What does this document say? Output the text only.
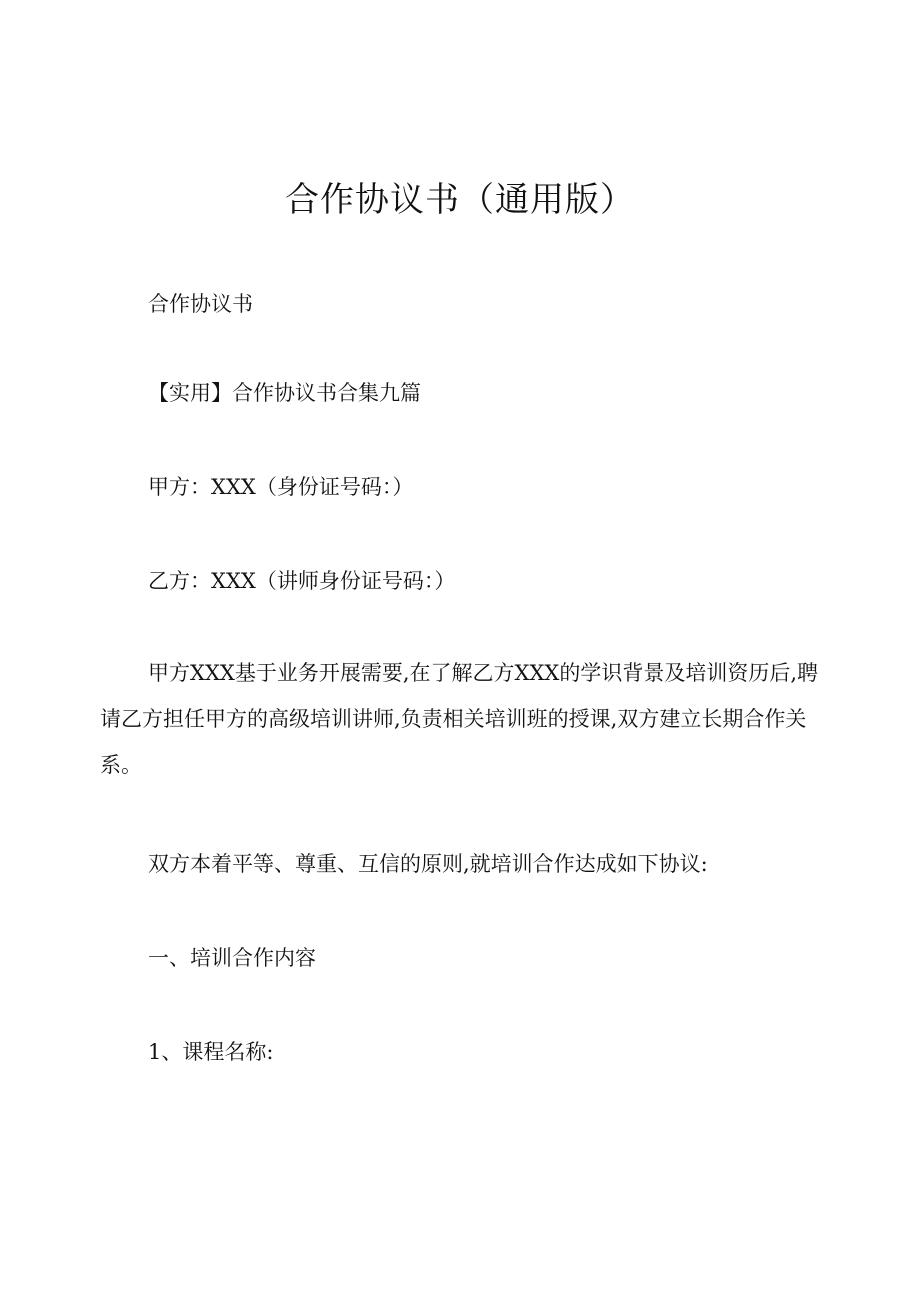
合作协议书（通用版）

合作协议书

【实用】合作协议书合集九篇

甲方：XXX（身份证号码：）

乙方：XXX（讲师身份证号码：）

甲方XXX基于业务开展需要,在了解乙方XXX的学识背景及培训资历后,聘请乙方担任甲方的高级培训讲师,负责相关培训班的授课,双方建立长期合作关系。

双方本着平等、尊重、互信的原则,就培训合作达成如下协议:

一、培训合作内容

1、课程名称:
